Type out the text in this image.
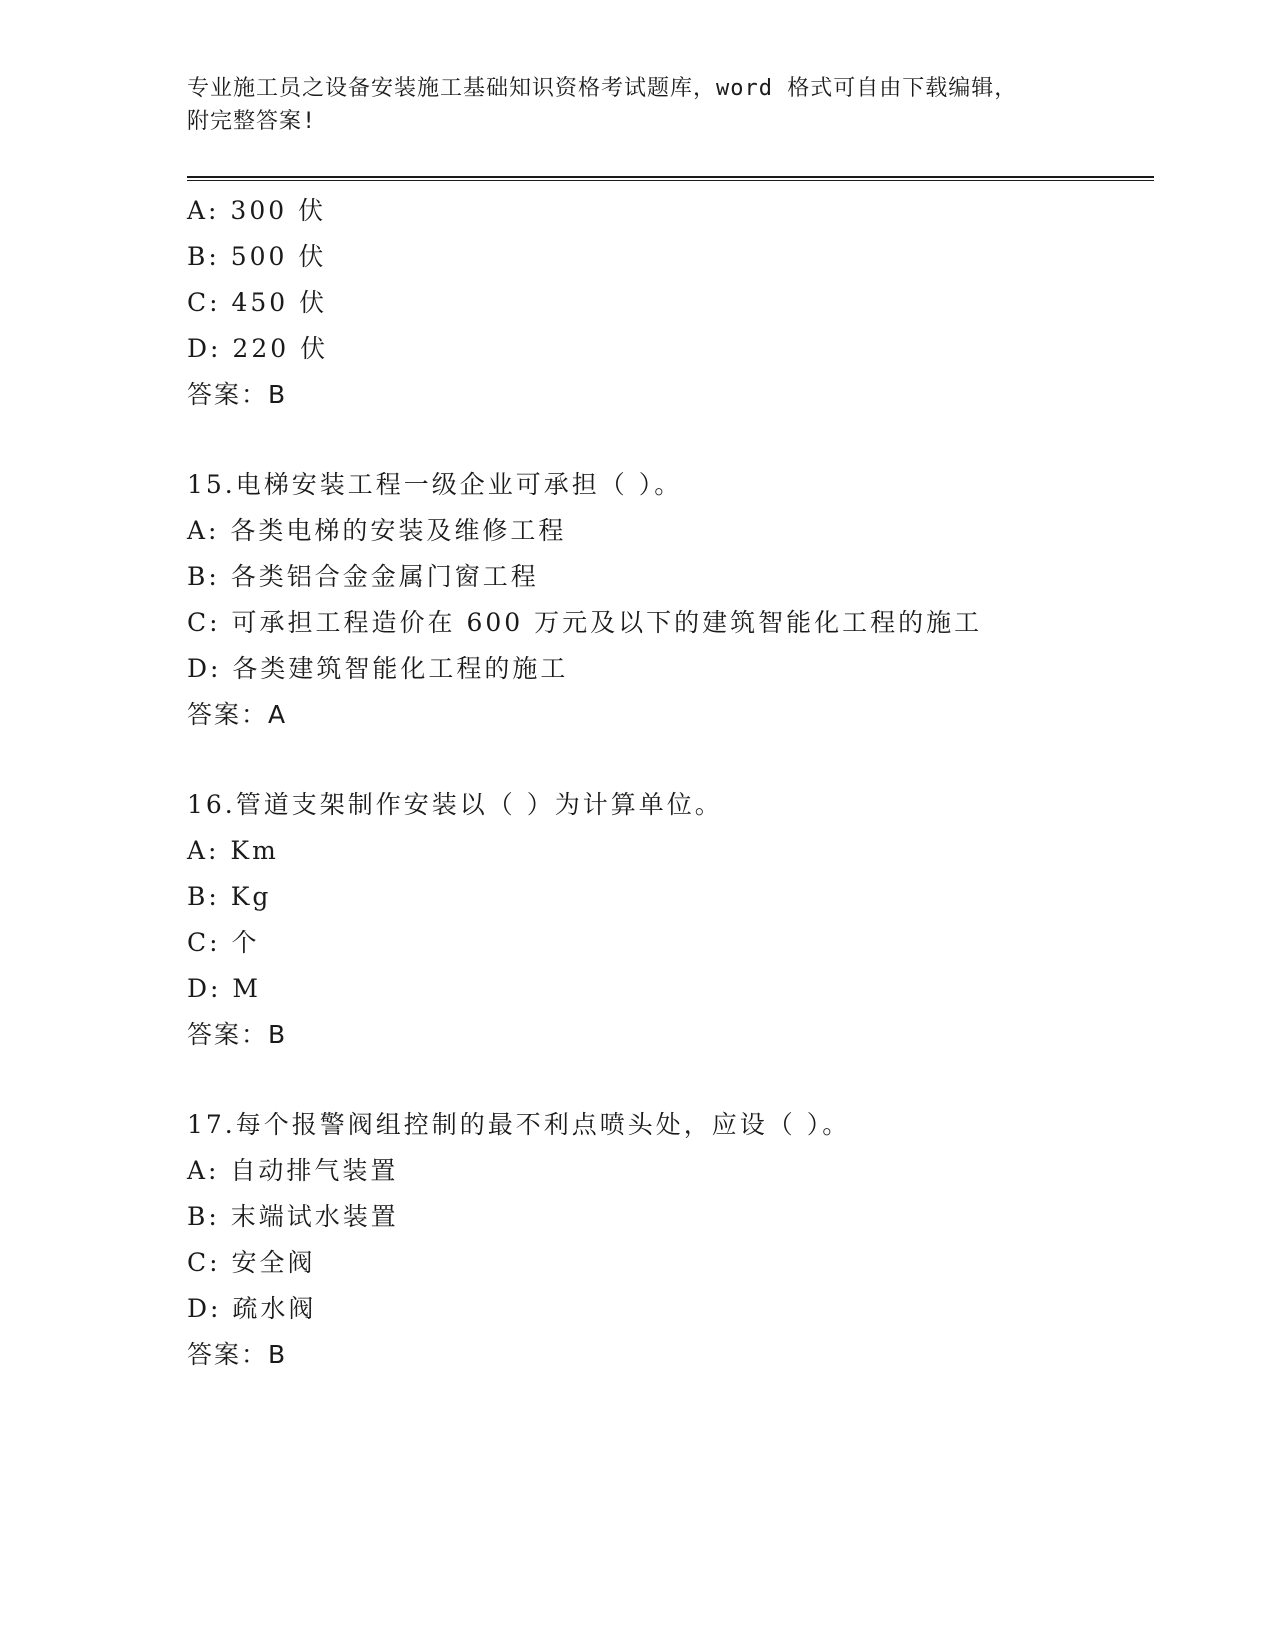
专业施工员之设备安装施工基础知识资格考试题库，word 格式可自由下载编辑，
附完整答案!
A: 300 伏
B: 500 伏
C: 450 伏
D: 220 伏
答案：B
15.电梯安装工程一级企业可承担（ ）。
A: 各类电梯的安装及维修工程
B: 各类铝合金金属门窗工程
C: 可承担工程造价在 600 万元及以下的建筑智能化工程的施工
D: 各类建筑智能化工程的施工
答案：A
16.管道支架制作安装以（ ）为计算单位。
A: Km
B: Kg
C: 个
D: M
答案：B
17.每个报警阀组控制的最不利点喷头处，应设（ ）。
A: 自动排气装置
B: 末端试水装置
C: 安全阀
D: 疏水阀
答案：B
